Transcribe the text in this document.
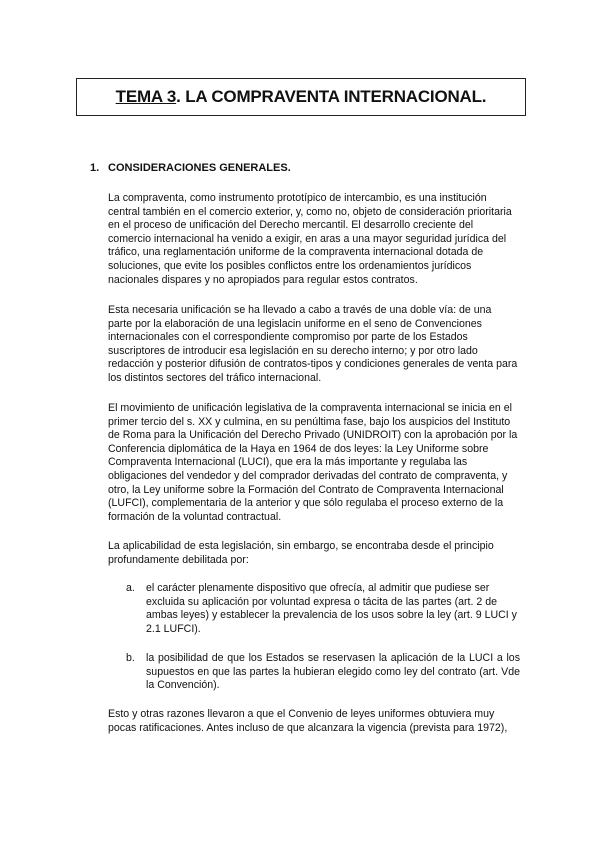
TEMA 3 . LA COMPRAVENTA INTERNACIONAL.
1. CONSIDERACIONES GENERALES.

La compraventa, como instrumento prototípico de intercambio, es una institución central también en el comercio exterior, y, como no, objeto de consideración prioritaria en el proceso de unificación del Derecho mercantil. El desarrollo creciente del comercio internacional ha venido a exigir, en aras a una mayor seguridad jurídica del tráfico, una reglamentación uniforme de la compraventa internacional dotada de soluciones, que evite los posibles conflictos entre los ordenamientos jurídicos nacionales dispares y no apropiados para regular estos contratos.

Esta necesaria unificación se ha llevado a cabo a través de una doble vía: de una parte por la elaboración de una legislacin uniforme en el seno de Convenciones internacionales con el correspondiente compromiso por parte de los Estados suscriptores de introducir esa legislación en su derecho interno; y por otro lado redacción y posterior difusión de contratos-tipos y condiciones generales de venta para los distintos sectores del tráfico internacional.

El movimiento de unificación legislativa de la compraventa internacional se inicia en el primer tercio del s. XX y culmina, en su penúltima fase, bajo los auspicios del Instituto de Roma para la Unificación del Derecho Privado (UNIDROIT) con la aprobación por la Conferencia diplomática de la Haya en 1964 de dos leyes: la Ley Uniforme sobre Compraventa Internacional (LUCI), que era la más importante y regulaba las obligaciones del vendedor y del comprador derivadas del contrato de compraventa, y otro, la Ley uniforme sobre la Formación del Contrato de Compraventa Internacional (LUFCI), complementaria de la anterior y que sólo regulaba el proceso externo de la formación de la voluntad contractual.

La aplicabilidad de esta legislación, sin embargo, se encontraba desde el principio profundamente debilitada por:

a. el carácter plenamente dispositivo que ofrecía, al admitir que pudiese ser excluida su aplicación por voluntad expresa o tácita de las partes (art. 2 de ambas leyes) y establecer la prevalencia de los usos sobre la ley (art. 9 LUCI y 2.1 LUFCI).
b. la posibilidad de que los Estados se reservasen la aplicación de la LUCI a los supuestos en que las partes la hubieran elegido como ley del contrato (art. Vde la Convención).

Esto y otras razones llevaron a que el Convenio de leyes uniformes obtuviera muy pocas ratificaciones. Antes incluso de que alcanzara la vigencia (prevista para 1972),
